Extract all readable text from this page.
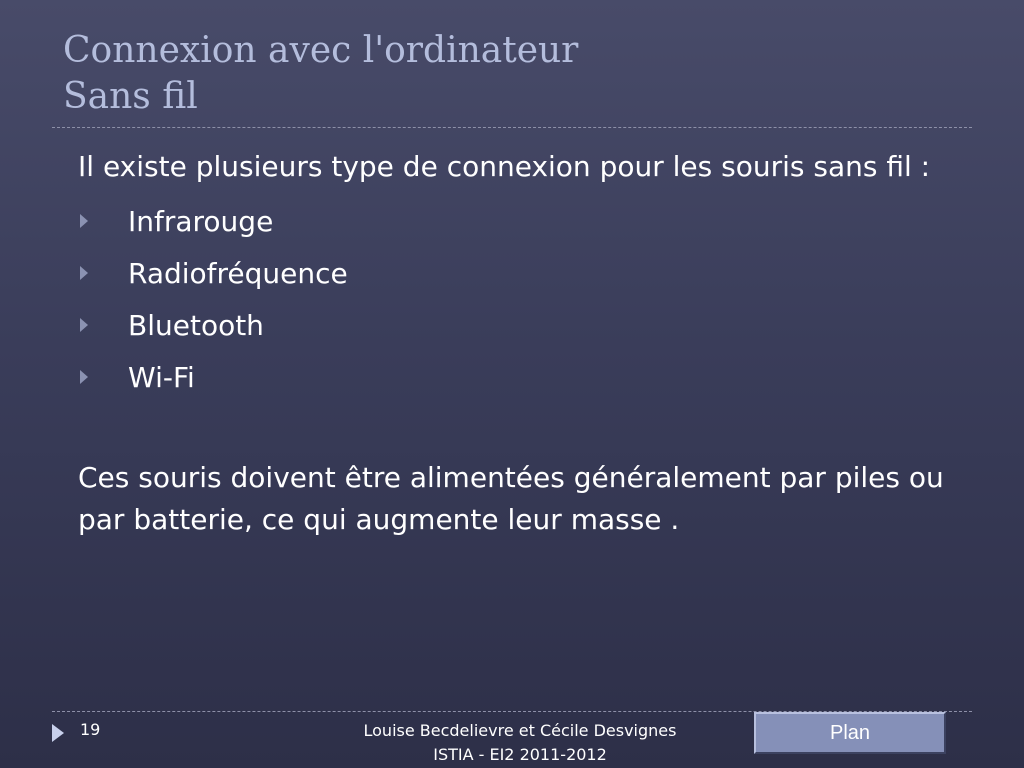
Connexion avec l'ordinateur
Sans fil

Il existe plusieurs type de connexion pour les souris sans fil :

Infrarouge
Radiofréquence
Bluetooth
Wi-Fi

Ces souris doivent être alimentées généralement par piles ou par batterie, ce qui augmente leur masse .

19	Louise Becdelievre et Cécile Desvignes
ISTIA - EI2 2011-2012
Plan
